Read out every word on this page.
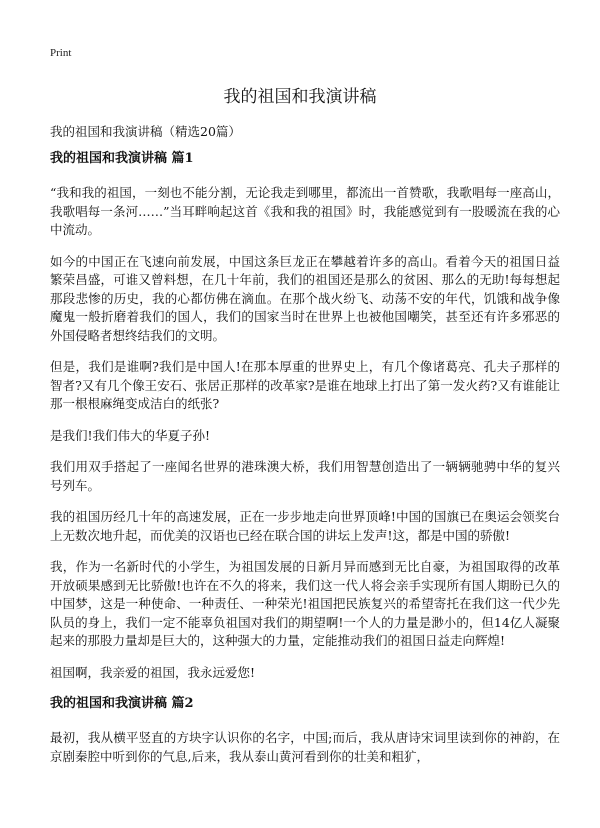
Print
我的祖国和我演讲稿
我的祖国和我演讲稿（精选20篇）
我的祖国和我演讲稿 篇1

“我和我的祖国，一刻也不能分割，无论我走到哪里，都流出一首赞歌，我歌唱每一座高山，我歌唱每一条河……”当耳畔响起这首《我和我的祖国》时，我能感觉到有一股暖流在我的心中流动。

如今的中国正在飞速向前发展，中国这条巨龙正在攀越着许多的高山。看着今天的祖国日益繁荣昌盛，可谁又曾料想，在几十年前，我们的祖国还是那么的贫困、那么的无助!每每想起那段悲惨的历史，我的心都仿佛在滴血。在那个战火纷飞、动荡不安的年代，饥饿和战争像魔鬼一般折磨着我们的国人，我们的国家当时在世界上也被他国嘲笑，甚至还有许多邪恶的外国侵略者想终结我们的文明。

但是，我们是谁啊?我们是中国人!在那本厚重的世界史上，有几个像诸葛亮、孔夫子那样的智者?又有几个像王安石、张居正那样的改革家?是谁在地球上打出了第一发火药?又有谁能让那一根根麻绳变成洁白的纸张?

是我们!我们伟大的华夏子孙!

我们用双手搭起了一座闻名世界的港珠澳大桥，我们用智慧创造出了一辆辆驰骋中华的复兴号列车。

我的祖国历经几十年的高速发展，正在一步步地走向世界顶峰!中国的国旗已在奥运会领奖台上无数次地升起，而优美的汉语也已经在联合国的讲坛上发声!这，都是中国的骄傲!

我，作为一名新时代的小学生，为祖国发展的日新月异而感到无比自豪，为祖国取得的改革开放硕果感到无比骄傲!也许在不久的将来，我们这一代人将会亲手实现所有国人期盼已久的中国梦，这是一种使命、一种责任、一种荣光!祖国把民族复兴的希望寄托在我们这一代少先队员的身上，我们一定不能辜负祖国对我们的期望啊!一个人的力量是渺小的，但14亿人凝聚起来的那股力量却是巨大的，这种强大的力量，定能推动我们的祖国日益走向辉煌!

祖国啊，我亲爱的祖国，我永远爱您!

我的祖国和我演讲稿 篇2

最初，我从横平竖直的方块字认识你的名字，中国;而后，我从唐诗宋词里读到你的神韵，在京剧秦腔中听到你的气息,后来，我从泰山黄河看到你的壮美和粗犷，
